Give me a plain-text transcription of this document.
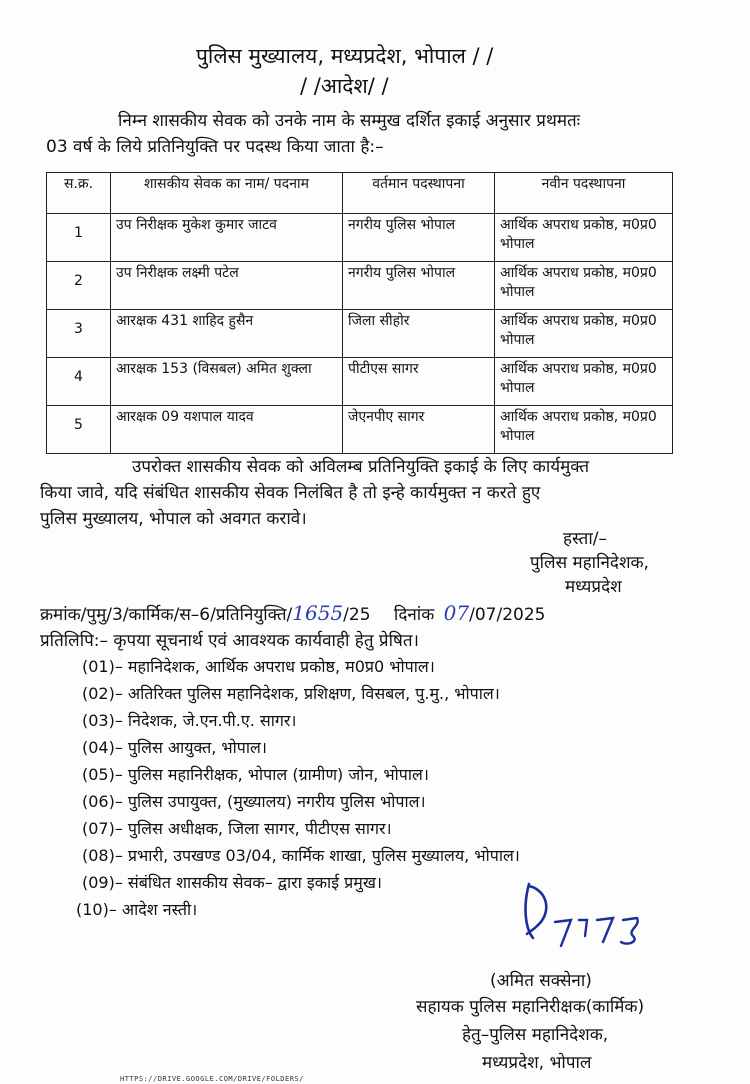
पुलिस मुख्यालय, मध्यप्रदेश, भोपाल / /
/ /आदेश/ /
निम्न शासकीय सेवक को उनके नाम के सम्मुख दर्शित इकाई अनुसार प्रथमतः
03 वर्ष के लिये प्रतिनियुक्ति पर पदस्थ किया जाता है:–
स.क्र.	शासकीय सेवक का नाम/ पदनाम	वर्तमान पदस्थापना	नवीन पदस्थापना
1	उप निरीक्षक मुकेश कुमार जाटव	नगरीय पुलिस भोपाल	आर्थिक अपराध प्रकोष्ठ, म0प्र0 भोपाल
2	उप निरीक्षक लक्ष्मी पटेल	नगरीय पुलिस भोपाल	आर्थिक अपराध प्रकोष्ठ, म0प्र0 भोपाल
3	आरक्षक 431 शाहिद हुसैन	जिला सीहोर	आर्थिक अपराध प्रकोष्ठ, म0प्र0 भोपाल
4	आरक्षक 153 (विसबल) अमित शुक्ला	पीटीएस सागर	आर्थिक अपराध प्रकोष्ठ, म0प्र0 भोपाल
5	आरक्षक 09 यशपाल यादव	जेएनपीए सागर	आर्थिक अपराध प्रकोष्ठ, म0प्र0 भोपाल
उपरोक्त शासकीय सेवक को अविलम्ब प्रतिनियुक्ति इकाई के लिए कार्यमुक्त
किया जावे, यदि संबंधित शासकीय सेवक निलंबित है तो इन्हे कार्यमुक्त न करते हुए
पुलिस मुख्यालय, भोपाल को अवगत करावे।
हस्ता/–
पुलिस महानिदेशक,
मध्यप्रदेश
क्रमांक/पुमु/3/कार्मिक/स–6/प्रतिनियुक्ति/1655/25 दिनांक 07/07/2025
प्रतिलिपि:– कृपया सूचनार्थ एवं आवश्यक कार्यवाही हेतु प्रेषित।
(01)– महानिदेशक, आर्थिक अपराध प्रकोष्ठ, म0प्र0 भोपाल।
(02)– अतिरिक्त पुलिस महानिदेशक, प्रशिक्षण, विसबल, पु.मु., भोपाल।
(03)– निदेशक, जे.एन.पी.ए. सागर।
(04)– पुलिस आयुक्त, भोपाल।
(05)– पुलिस महानिरीक्षक, भोपाल (ग्रामीण) जोन, भोपाल।
(06)– पुलिस उपायुक्त, (मुख्यालय) नगरीय पुलिस भोपाल।
(07)– पुलिस अधीक्षक, जिला सागर, पीटीएस सागर।
(08)– प्रभारी, उपखण्ड 03/04, कार्मिक शाखा, पुलिस मुख्यालय, भोपाल।
(09)– संबंधित शासकीय सेवक– द्वारा इकाई प्रमुख।
(10)– आदेश नस्ती।
(अमित सक्सेना)
सहायक पुलिस महानिरीक्षक(कार्मिक)
हेतु–पुलिस महानिदेशक,
मध्यप्रदेश, भोपाल
HTTPS://DRIVE.GOOGLE.COM/DRIVE/FOLDERS/
